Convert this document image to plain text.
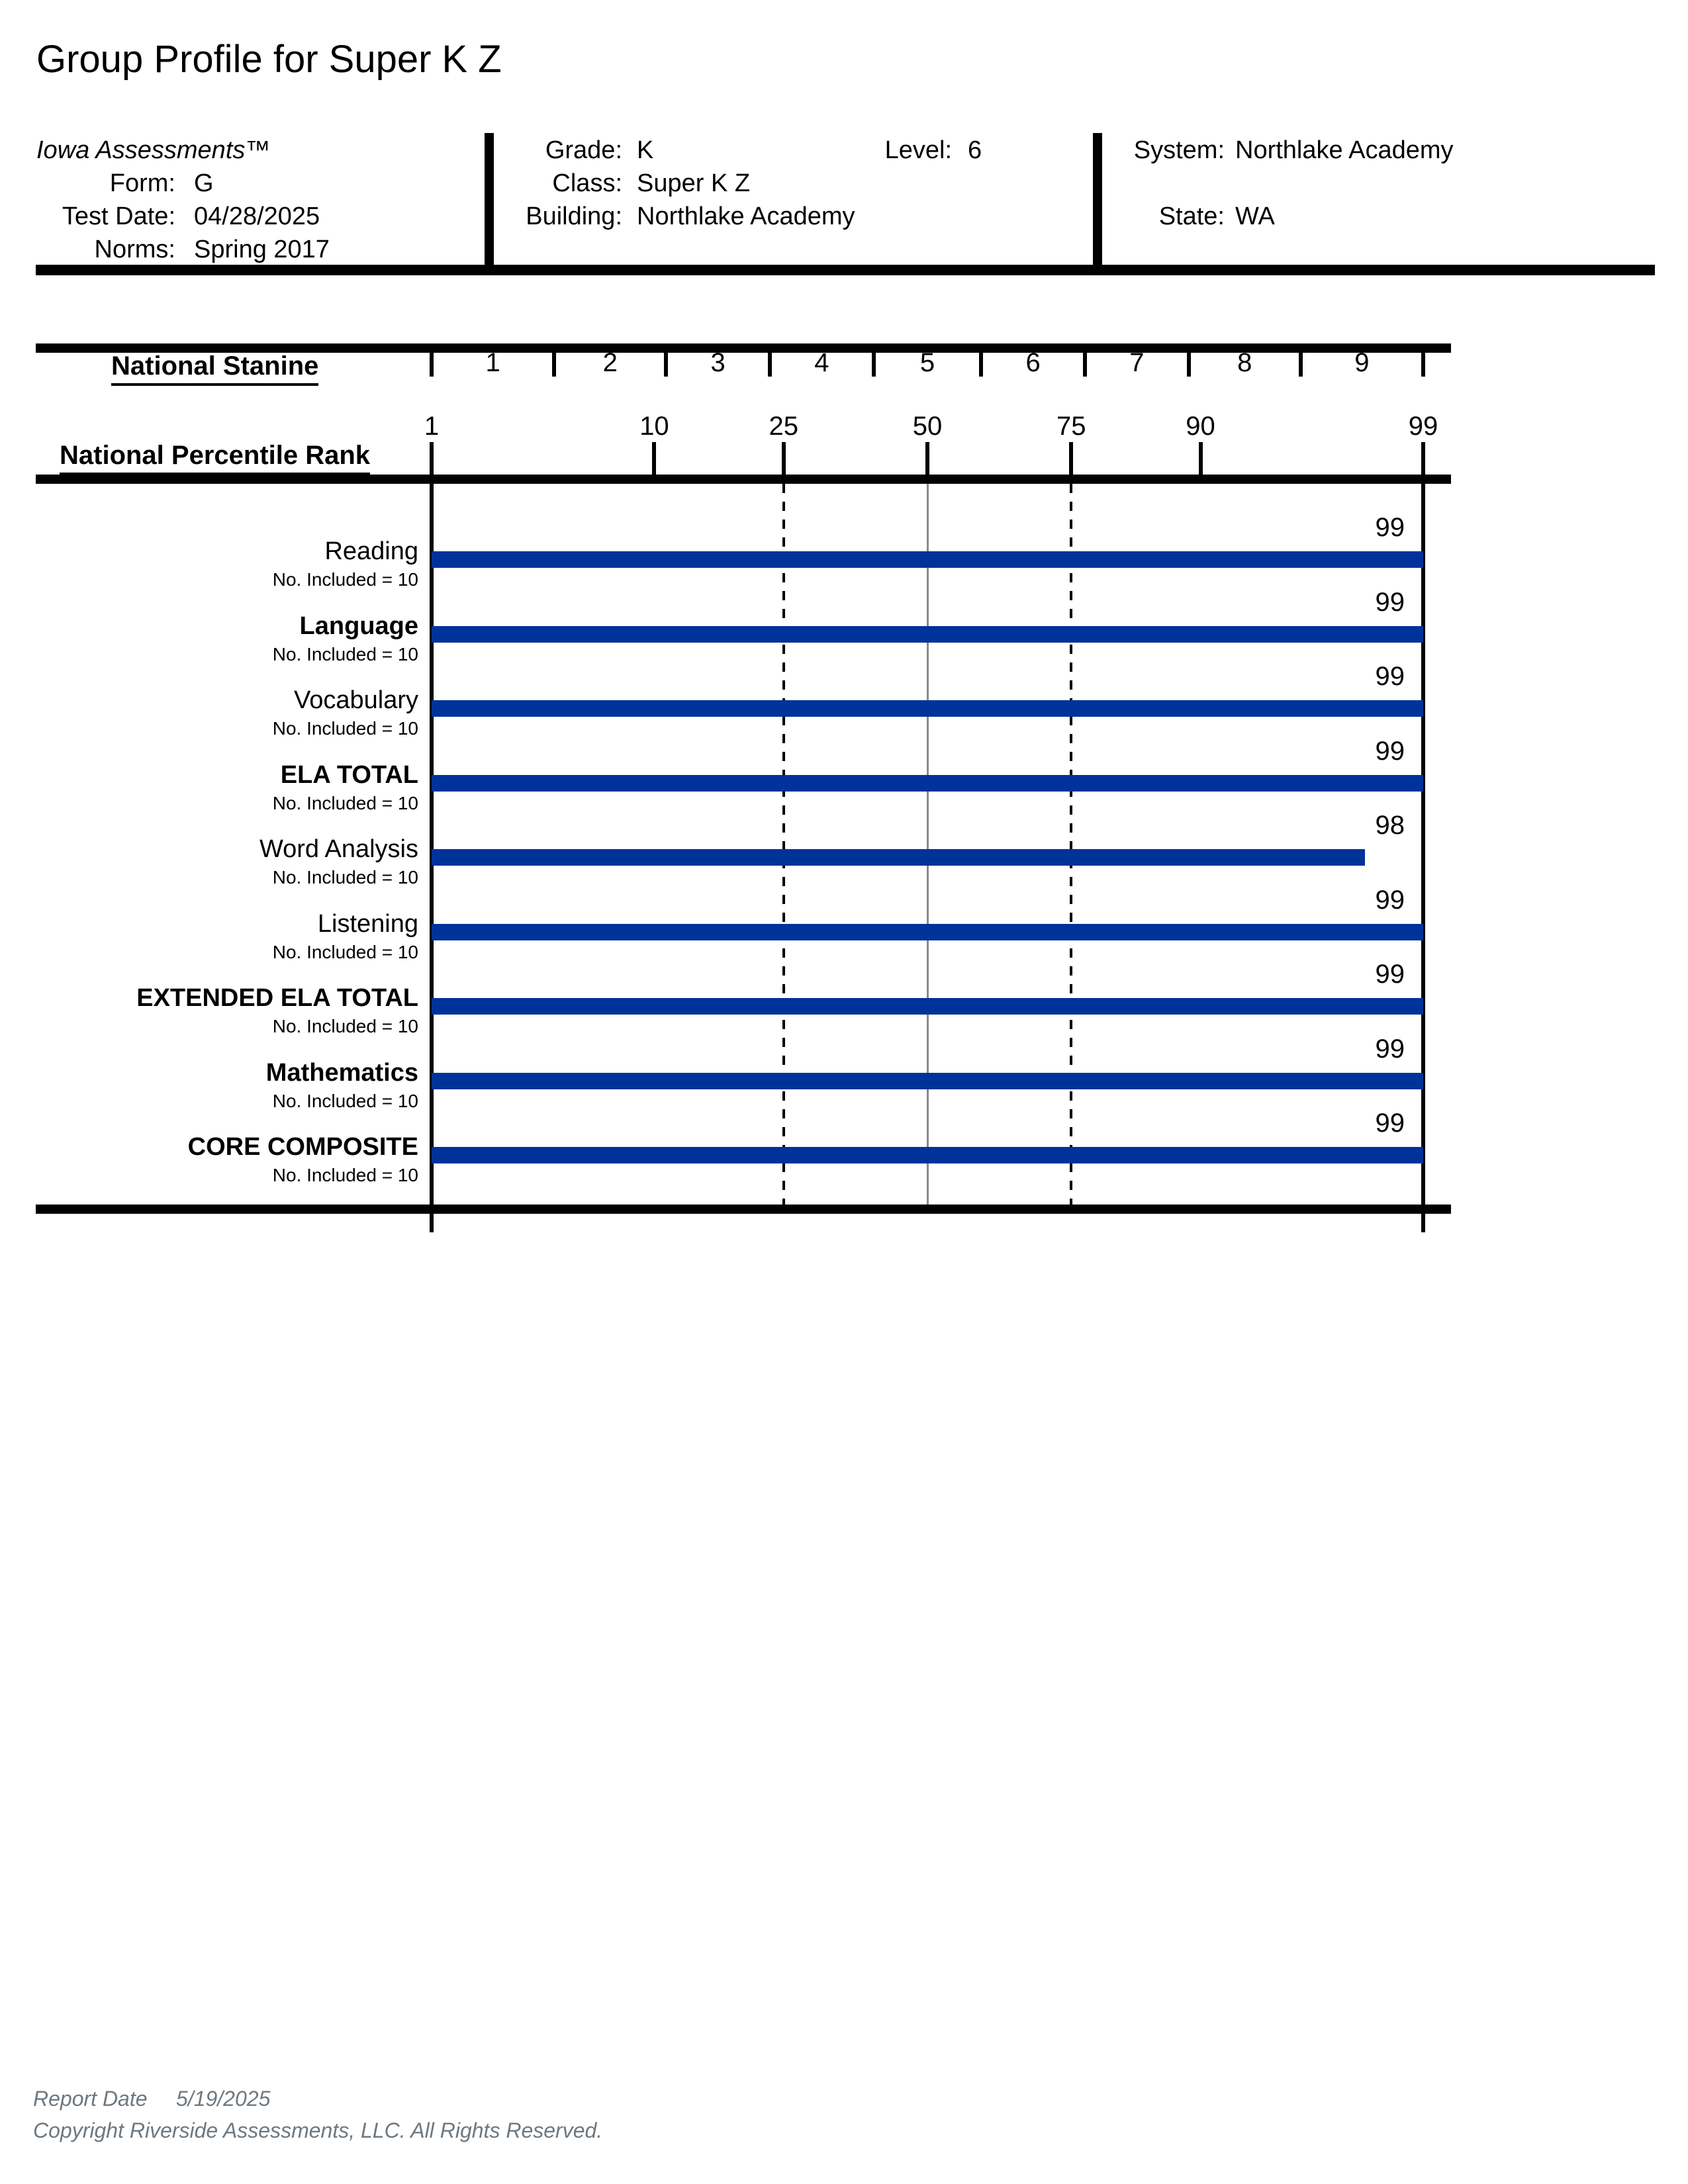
Group Profile for Super K Z
Iowa Assessments™
Form: G
Test Date: 04/28/2025
Norms: Spring 2017
Grade: K
Class: Super K Z
Building: Northlake Academy
Level: 6	System: Northlake Academy
State: WA
National Stanine
National Percentile Rank
1	2	3	4	5	6	7	8	9
1	10	25	50	75	90	99
Reading
No. Included = 10
99
Language
No. Included = 10
99
Vocabulary
No. Included = 10
99
ELA TOTAL
No. Included = 10
99
Word Analysis
No. Included = 10
98
Listening
No. Included = 10
99
EXTENDED ELA TOTAL
No. Included = 10
99
Mathematics
No. Included = 10
99
CORE COMPOSITE
No. Included = 10
99
Report Date 5/19/2025
Copyright Riverside Assessments, LLC. All Rights Reserved.
